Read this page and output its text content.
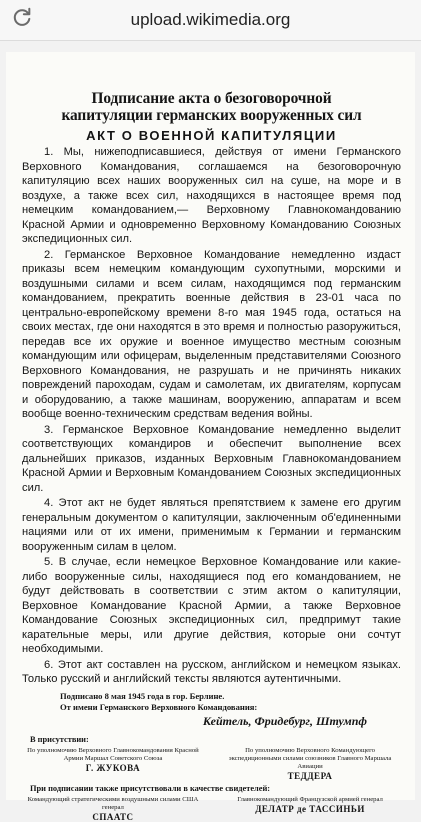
upload.wikimedia.org
Подписание акта о безоговорочной
капитуляции германских вооруженных сил
АКТ О ВОЕННОЙ КАПИТУЛЯЦИИ
1. Мы, нижеподписавшиеся, действуя от имени Германского Верховного Командования, соглашаемся на безоговорочную капитуляцию всех наших вооруженных сил на суше, на море и в воздухе, а также всех сил, находящихся в настоящее время под немецким командованием,— Верховному Главнокомандованию Красной Армии и одновременно Верховному Командованию Союзных экспедиционных сил.
2. Германское Верховное Командование немедленно издаст приказы всем немецким командующим сухопутными, морскими и воздушными силами и всем силам, находящимся под германским командованием, прекратить военные действия в 23-01 часа по центрально-европейскому времени 8-го мая 1945 года, остаться на своих местах, где они находятся в это время и полностью разоружиться, передав все их оружие и военное имущество местным союзным командующим или офицерам, выделенным представителями Союзного Верховного Командования, не разрушать и не причинять никаких повреждений пароходам, судам и самолетам, их двигателям, корпусам и оборудованию, а также машинам, вооружению, аппаратам и всем вообще военно-техническим средствам ведения войны.
3. Германское Верховное Командование немедленно выделит соответствующих командиров и обеспечит выполнение всех дальнейших приказов, изданных Верховным Главнокомандованием Красной Армии и Верховным Командованием Союзных экспедиционных сил.
4. Этот акт не будет являться препятствием к замене его другим генеральным документом о капитуляции, заключенным об'единенными нациями или от их имени, применимым к Германии и германским вооруженным силам в целом.
5. В случае, если немецкое Верховное Командование или какие-либо вооруженные силы, находящиеся под его командованием, не будут действовать в соответствии с этим актом о капитуляции, Верховное Командование Красной Армии, а также Верховное Командование Союзных экспедиционных сил, предпримут такие карательные меры, или другие действия, которые они сочтут необходимыми.
6. Этот акт составлен на русском, английском и немецком языках. Только русский и английский тексты являются аутентичными.
Подписано 8 мая 1945 года в гор. Берлине.
От имени Германского Верховного Командования:
Кейтель, Фридебург, Штумпф
В присутствии:
По уполномочию Верховного Главнокомандования Красной Армии Маршал Советского Союза
Г. ЖУКОВА
По уполномочию Верховного Командующего экспедиционными силами союзников Главного Маршала Авиации
ТЕДДЕРА
При подписании также присутствовали в качестве свидетелей:
Командующий стратегическими воздушными силами США генерал
СПААТС
Главнокомандующий Французской армией генерал
ДЕЛАТР де ТАССИНЬИ
